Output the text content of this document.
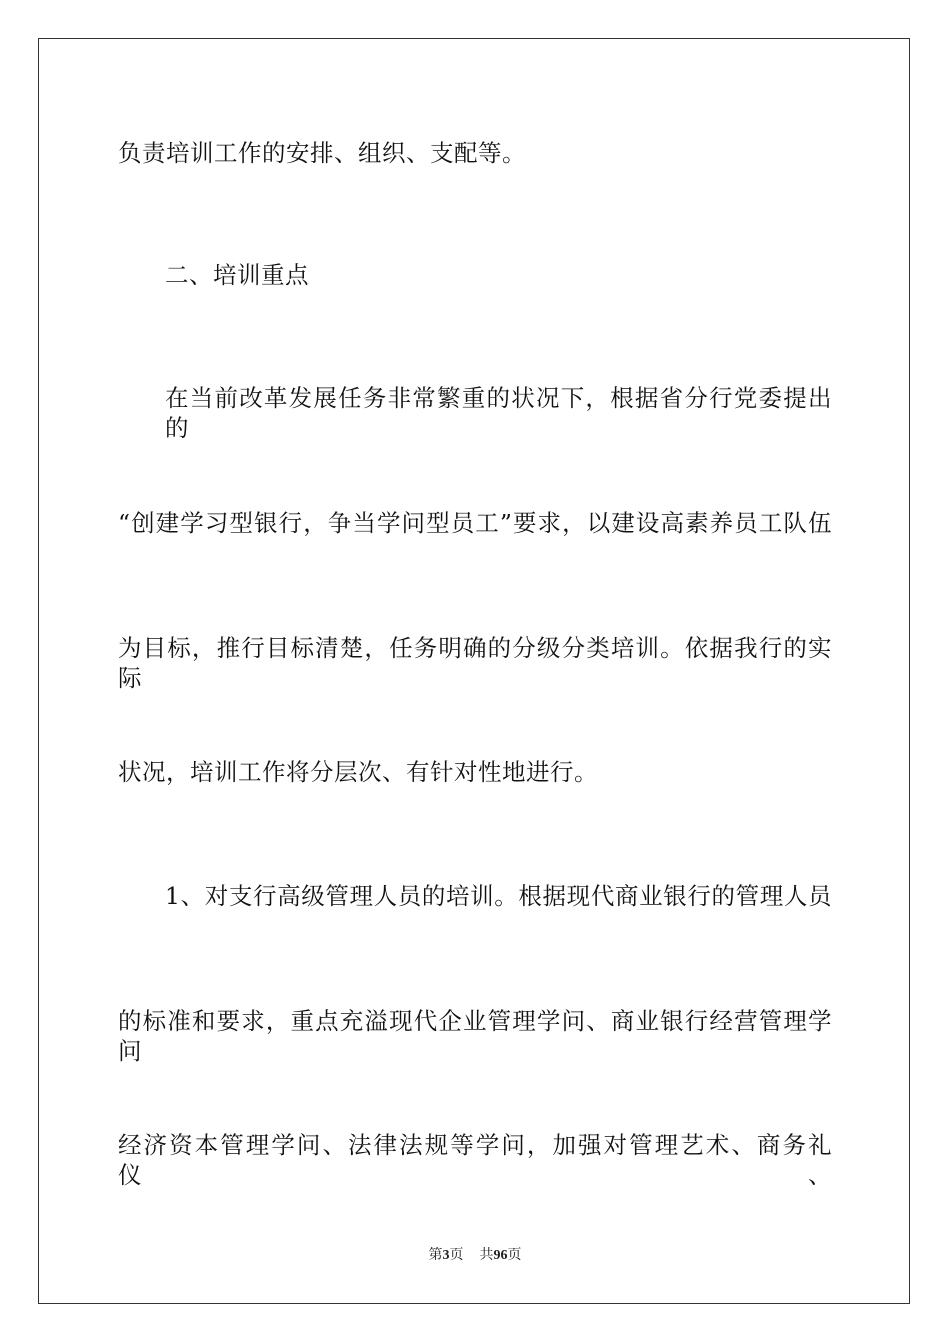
负责培训工作的安排、组织、支配等。
二、培训重点
在当前改革发展任务非常繁重的状况下，根据省分行党委提出的
“创建学习型银行，争当学问型员工”要求，以建设高素养员工队伍
为目标，推行目标清楚，任务明确的分级分类培训。依据我行的实际
状况，培训工作将分层次、有针对性地进行。
1、对支行高级管理人员的培训。根据现代商业银行的管理人员
的标准和要求，重点充溢现代企业管理学问、商业银行经营管理学问
经济资本管理学问、法律法规等学问，加强对管理艺术、商务礼仪、
第3页 共96页
